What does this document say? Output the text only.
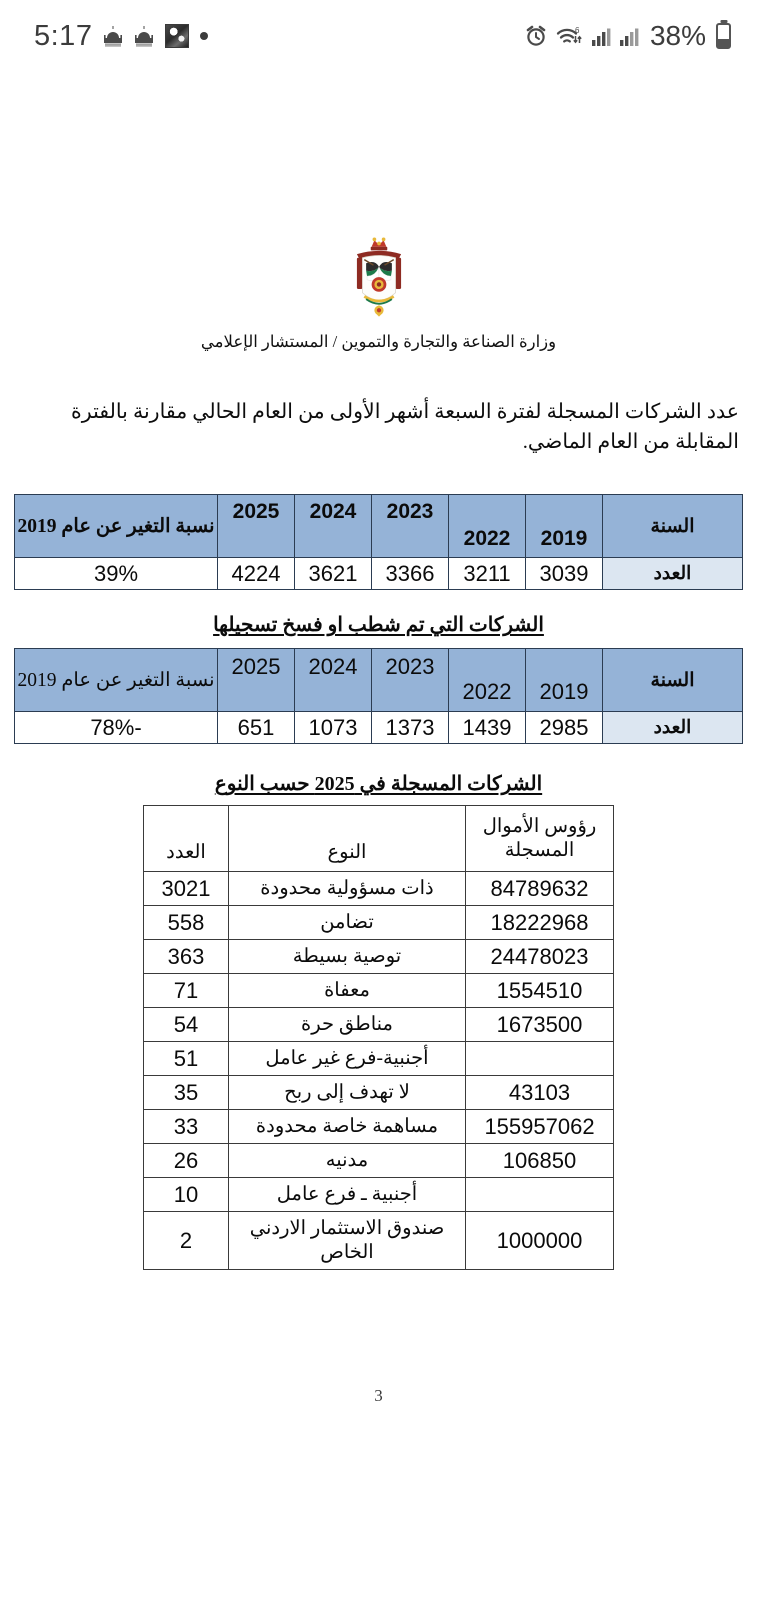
5:17	6	38%
وزارة الصناعة والتجارة والتموين / المستشار الإعلامي
عدد الشركات المسجلة لفترة السبعة أشهر الأولى من العام الحالي مقارنة بالفترة المقابلة من العام الماضي.
السنة	2019	2022	2023	2024	2025	نسبة التغير عن عام 2019
العدد	3039	3211	3366	3621	4224	39%
الشركات التي تم شطب او فسخ تسجيلها
السنة	2019	2022	2023	2024	2025	نسبة التغير عن عام 2019
العدد	2985	1439	1373	1073	651	-78%
الشركات المسجلة في 2025 حسب النوع
رؤوس الأموال المسجلة	النوع	العدد
84789632	ذات مسؤولية محدودة	3021
18222968	تضامن	558
24478023	توصية بسيطة	363
1554510	معفاة	71
1673500	مناطق حرة	54
	أجنبية-فرع غير عامل	51
43103	لا تهدف إلى ربح	35
155957062	مساهمة خاصة محدودة	33
106850	مدنيه	26
	أجنبية ـ فرع عامل	10
1000000	صندوق الاستثمار الاردني الخاص	2
3
